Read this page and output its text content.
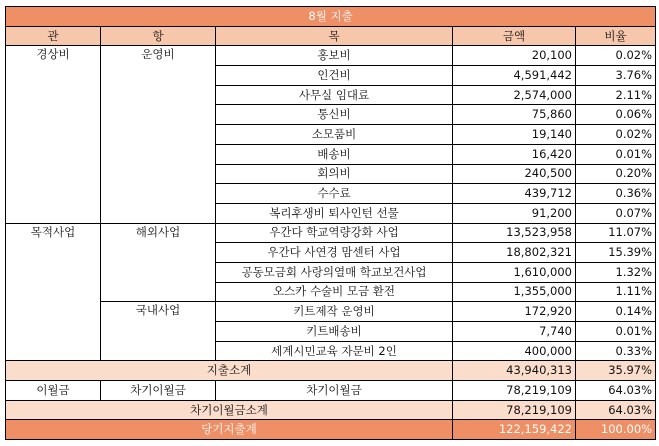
8월 지출				
관	항	목	금액	비율
경상비	운영비	홍보비	20,100	0.02%
		인건비	4,591,442	3.76%
		사무실 임대료	2,574,000	2.11%
		통신비	75,860	0.06%
		소모품비	19,140	0.02%
		배송비	16,420	0.01%
		회의비	240,500	0.20%
		수수료	439,712	0.36%
		복리후생비 퇴사인턴 선물	91,200	0.07%
목적사업	해외사업	우간다 학교역량강화 사업	13,523,958	11.07%
		우간다 사연경 맘센터 사업	18,802,321	15.39%
		공동모금회 사랑의열매 학교보건사업	1,610,000	1.32%
		오스카 수술비 모금 환전	1,355,000	1.11%
	국내사업	키트제작 운영비	172,920	0.14%
		키트배송비	7,740	0.01%
		세계시민교육 자문비 2인	400,000	0.33%
지출소계			43,940,313	35.97%
이월금	차기이월금	차기이월금	78,219,109	64.03%
차기이월금소계			78,219,109	64.03%
당기지출계			122,159,422	100.00%
